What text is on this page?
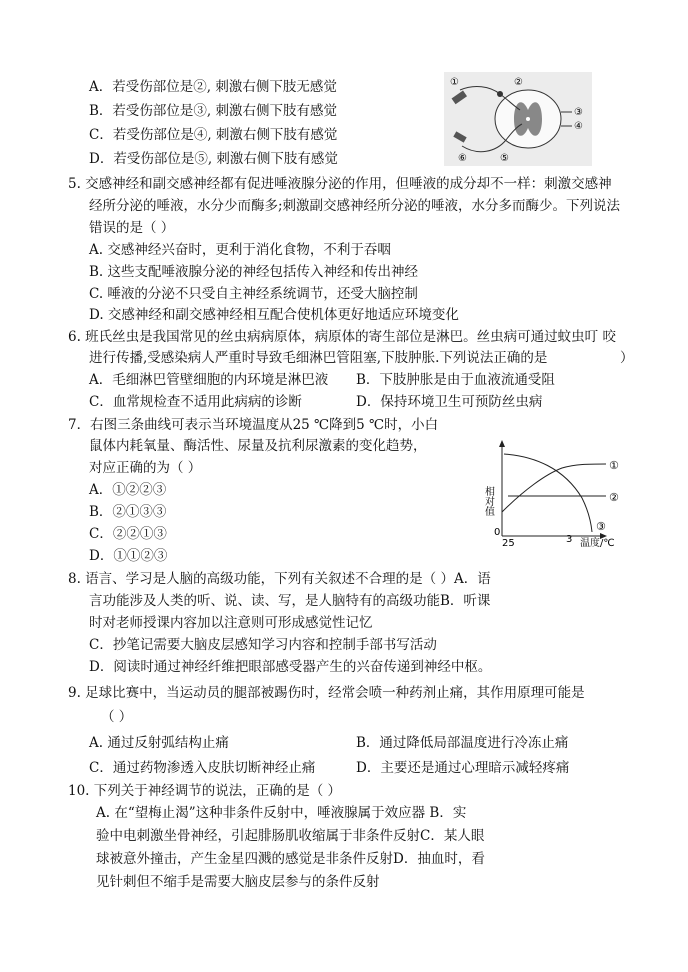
A．若受伤部位是②, 刺激右侧下肢无感觉
B．若受伤部位是③, 刺激右侧下肢有感觉
C．若受伤部位是④, 刺激右侧下肢有感觉
D．若受伤部位是⑤, 刺激右侧下肢有感觉
①	②
③
④
⑤
⑥
5. 交感神经和副交感神经都有促进唾液腺分泌的作用，但唾液的成分却不一样：刺激交感神
经所分泌的唾液，水分少而酶多;刺激副交感神经所分泌的唾液，水分多而酶少。下列说法
错误的是（ ）
A. 交感神经兴奋时，更利于消化食物，不利于吞咽
B. 这些支配唾液腺分泌的神经包括传入神经和传出神经
C. 唾液的分泌不只受自主神经系统调节，还受大脑控制
D. 交感神经和副交感神经相互配合使机体更好地适应环境变化
6. 班氏丝虫是我国常见的丝虫病病原体，病原体的寄生部位是淋巴。丝虫病可通过蚊虫叮 咬
进行传播,受感染病人严重时导致毛细淋巴管阻塞,下肢肿胀.下列说法正确的是	）
A．毛细淋巴管壁细胞的内环境是淋巴液 B．下肢肿胀是由于血液流通受阻
C．血常规检查不适用此病病的诊断	D．保持环境卫生可预防丝虫病
7．右图三条曲线可表示当环境温度从25 ℃降到5 ℃时，小白
鼠体内耗氧量、酶活性、尿量及抗利尿激素的变化趋势，
对应正确的为（ ）
A．①②②③
B．②①③③
C．②②①③
D．①①②③
相对值
0
25	3 温度/℃
①
②
③
8. 语言、学习是人脑的高级功能，下列有关叙述不合理的是（ ）A．语
言功能涉及人类的听、说、读、写，是人脑特有的高级功能B．听课
时对老师授课内容加以注意则可形成感觉性记忆
C．抄笔记需要大脑皮层感知学习内容和控制手部书写活动
D．阅读时通过神经纤维把眼部感受器产生的兴奋传递到神经中枢。
9. 足球比赛中，当运动员的腿部被踢伤时，经常会喷一种药剂止痛，其作用原理可能是
（ ）
A. 通过反射弧结构止痛	B．通过降低局部温度进行冷冻止痛
C．通过药物渗透入皮肤切断神经止痛	D．主要还是通过心理暗示减轻疼痛
10. 下列关于神经调节的说法，正确的是（ ）
A. 在“望梅止渴”这种非条件反射中，唾液腺属于效应器 B．实
验中电刺激坐骨神经，引起腓肠肌收缩属于非条件反射C．某人眼
球被意外撞击，产生金星四溅的感觉是非条件反射D．抽血时，看
见针刺但不缩手是需要大脑皮层参与的条件反射
